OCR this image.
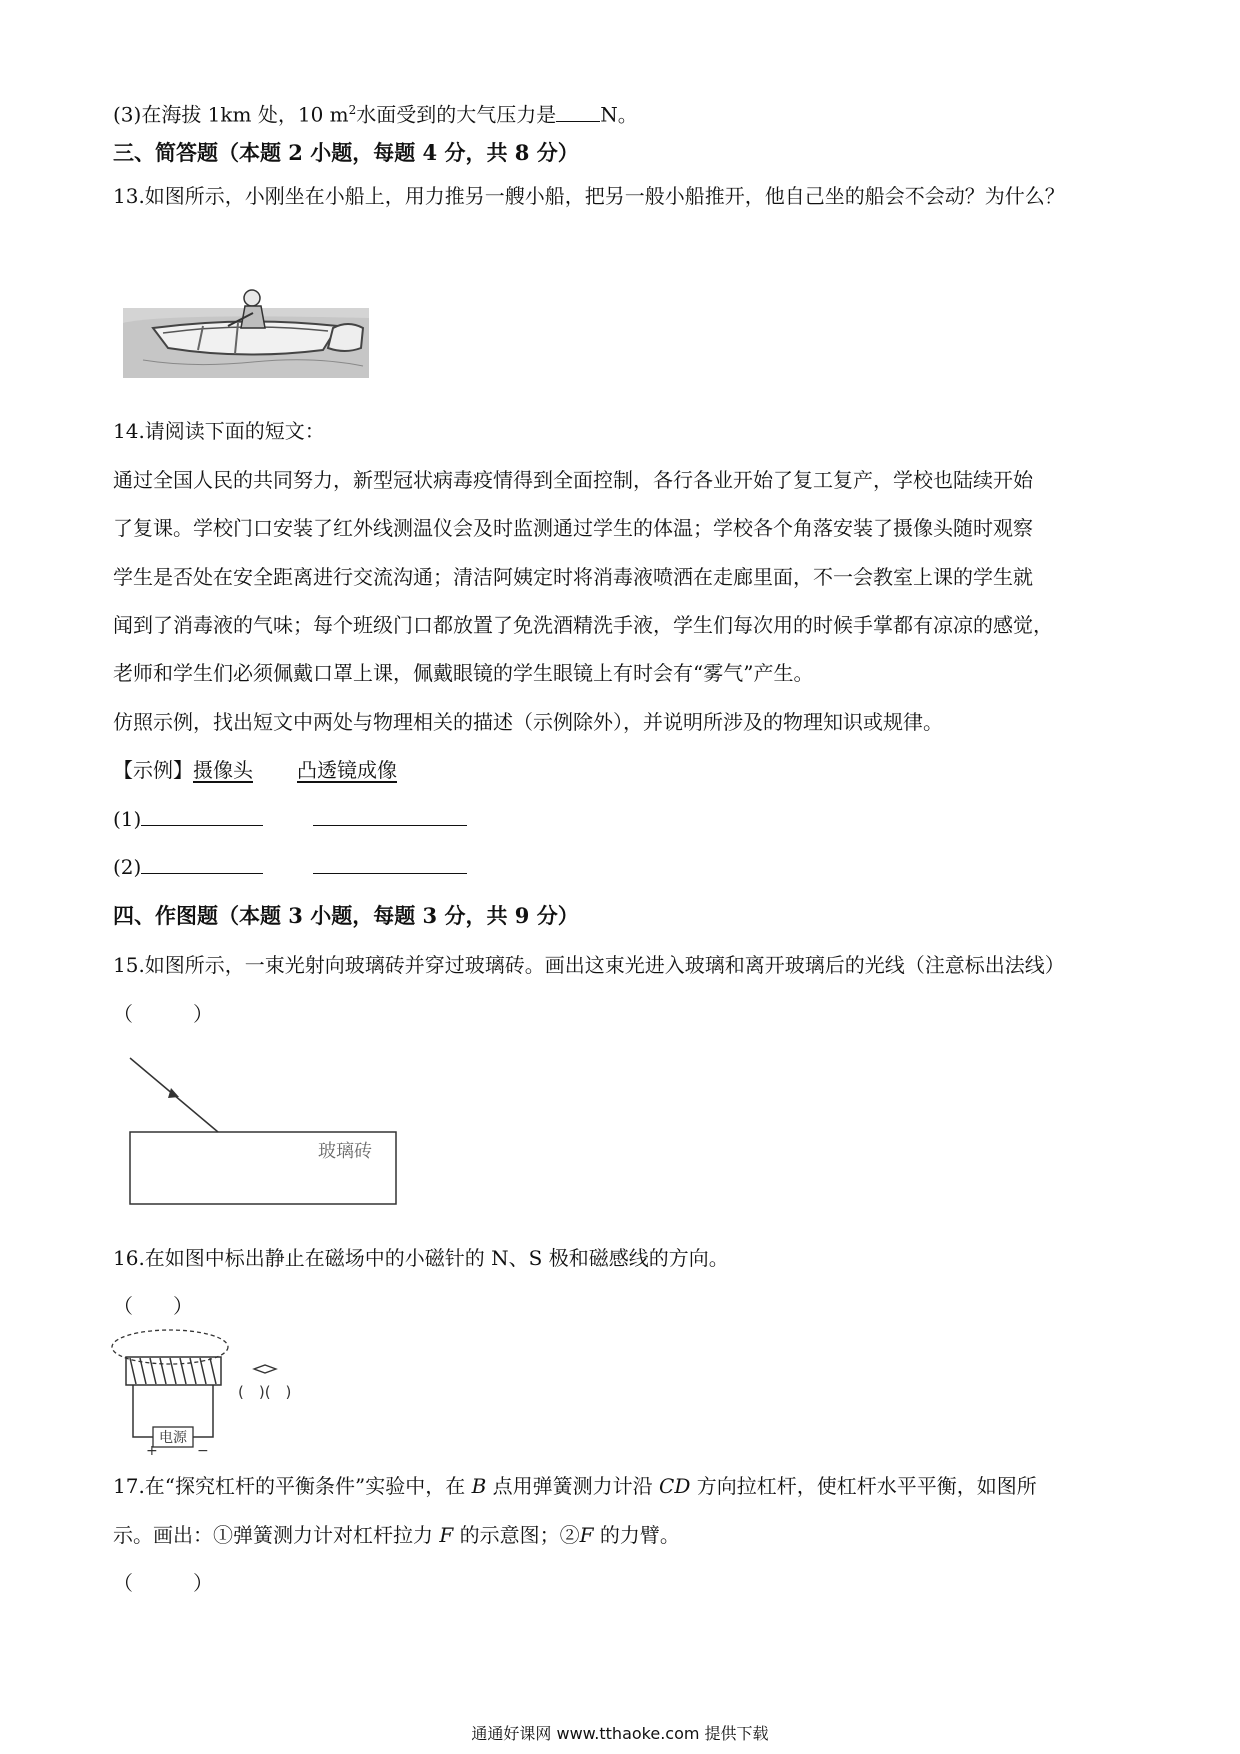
(3)在海拔 1km 处，10 $m^2$水面受到的大气压力是 N。
三、简答题（本题 2 小题，每题 4 分，共 8 分）
13.如图所示，小刚坐在小船上，用力推另一艘小船，把另一般小船推开，他自己坐的船会不会动？为什么？
14.请阅读下面的短文：
通过全国人民的共同努力，新型冠状病毒疫情得到全面控制，各行各业开始了复工复产，学校也陆续开始
了复课。学校门口安装了红外线测温仪会及时监测通过学生的体温；学校各个角落安装了摄像头随时观察
学生是否处在安全距离进行交流沟通；清洁阿姨定时将消毒液喷洒在走廊里面，不一会教室上课的学生就
闻到了消毒液的气味；每个班级门口都放置了免洗酒精洗手液，学生们每次用的时候手掌都有凉凉的感觉，
老师和学生们必须佩戴口罩上课，佩戴眼镜的学生眼镜上有时会有“雾气”产生。
仿照示例，找出短文中两处与物理相关的描述（示例除外），并说明所涉及的物理知识或规律。
【示例】摄像头 凸透镜成像
(1)
(2)
四、作图题（本题 3 小题，每题 3 分，共 9 分）
15.如图所示，一束光射向玻璃砖并穿过玻璃砖。画出这束光进入玻璃和离开玻璃后的光线（注意标出法线）
（　　　）
玻璃砖
16.在如图中标出静止在磁场中的小磁针的 N、S 极和磁感线的方向。
（　　）
(　)(　)
电源
+	−
17.在“探究杠杆的平衡条件”实验中，在 B 点用弹簧测力计沿 CD 方向拉杠杆，使杠杆水平平衡，如图所
示。画出：①弹簧测力计对杠杆拉力 F 的示意图；②F 的力臂。
（　　　）
通通好课网 www.tthaoke.com 提供下载
